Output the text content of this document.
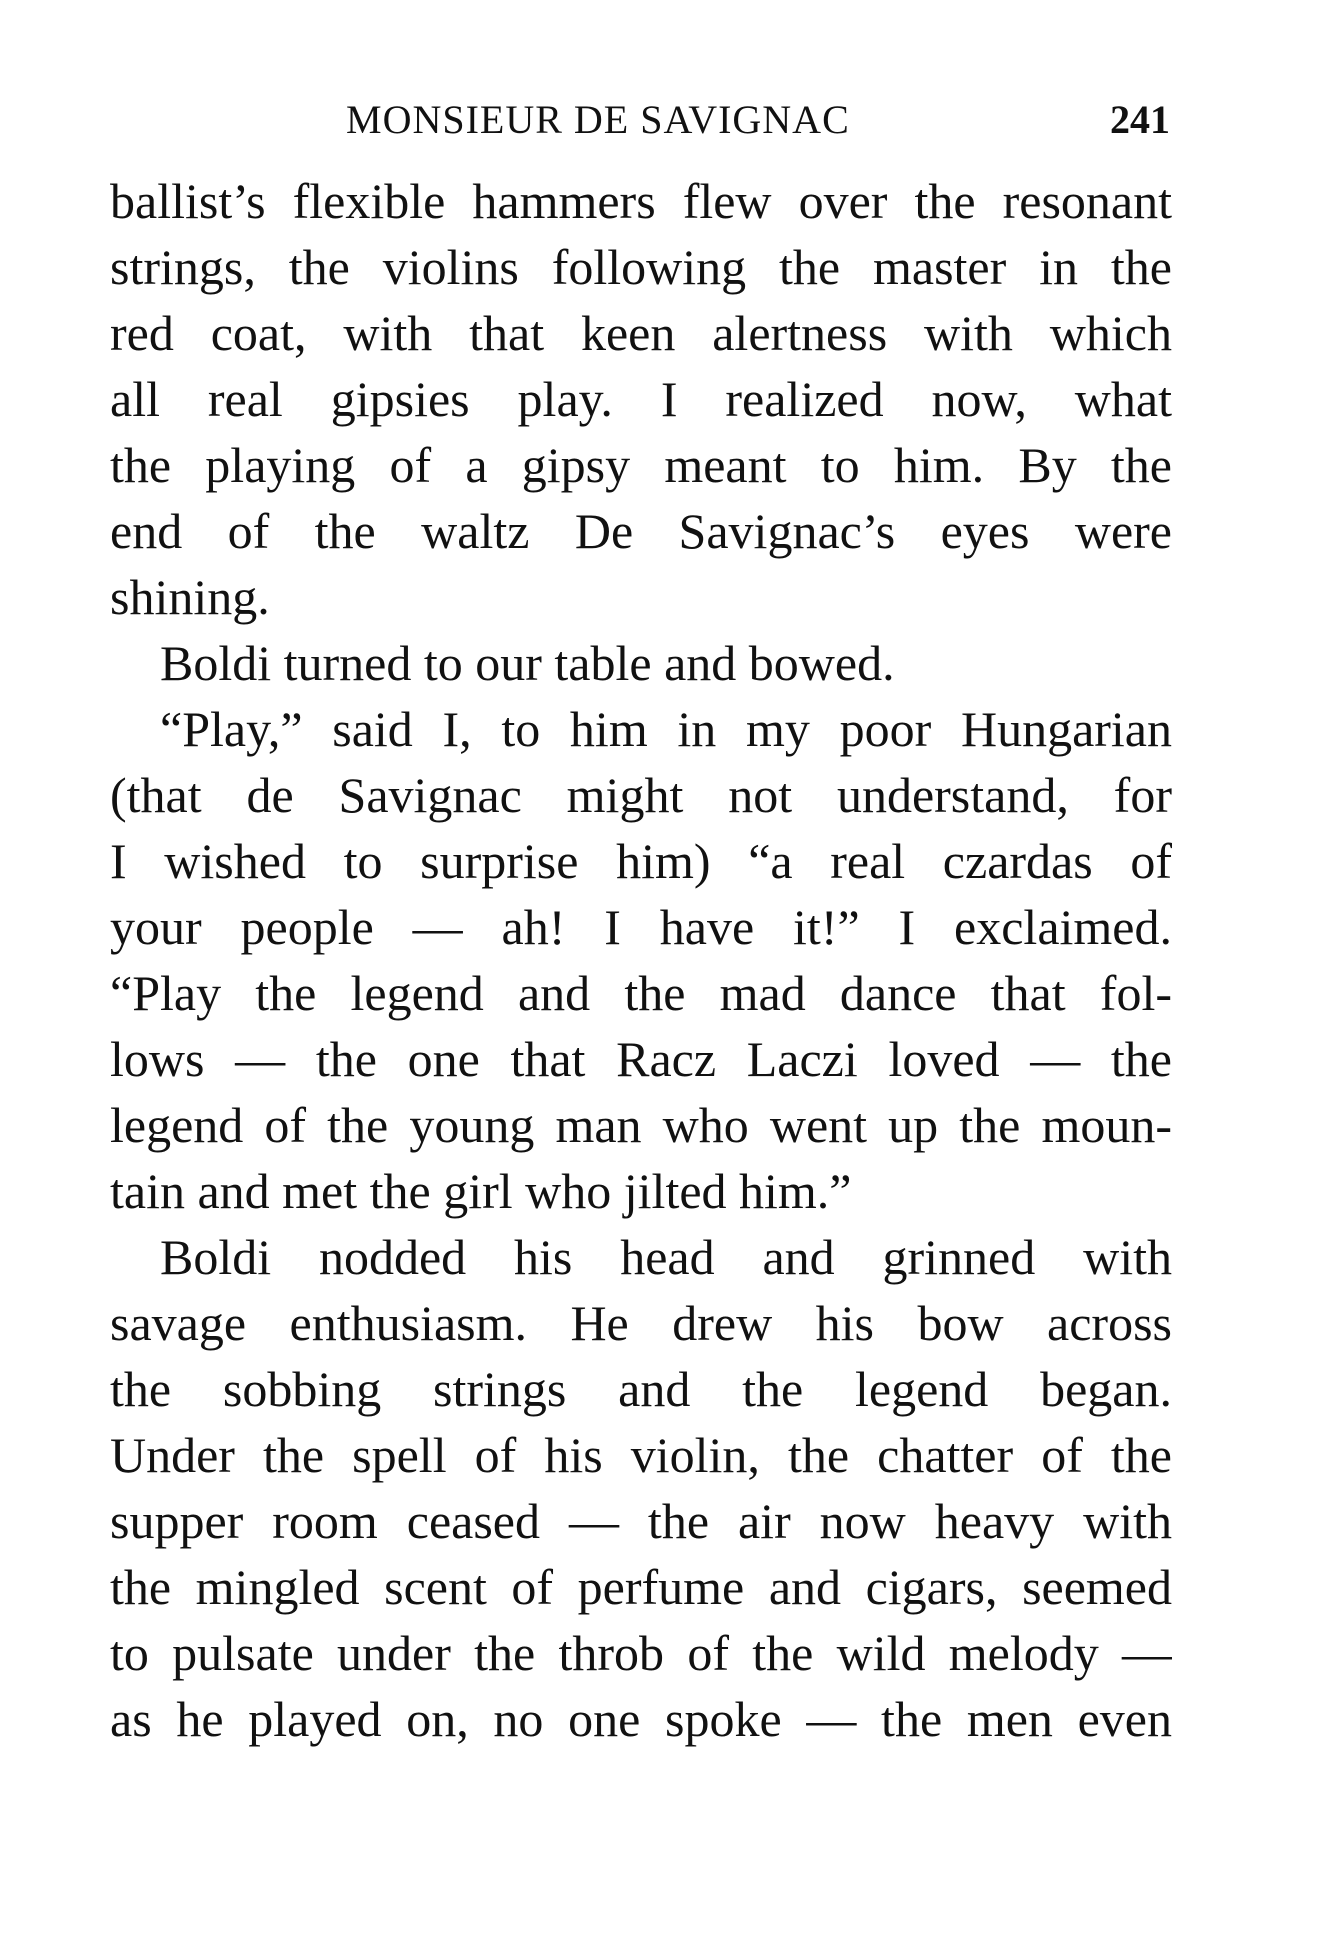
MONSIEUR DE SAVIGNAC	241
ballist’s flexible hammers flew over the resonant
strings, the violins following the master in the
red coat, with that keen alertness with which
all real gipsies play. I realized now, what
the playing of a gipsy meant to him. By the
end of the waltz De Savignac’s eyes were
shining.
Boldi turned to our table and bowed.
“Play,” said I, to him in my poor Hungarian
(that de Savignac might not understand, for
I wished to surprise him) “a real czardas of
your people — ah! I have it!” I exclaimed.
“Play the legend and the mad dance that fol-
lows — the one that Racz Laczi loved — the
legend of the young man who went up the moun-
tain and met the girl who jilted him.”
Boldi nodded his head and grinned with
savage enthusiasm. He drew his bow across
the sobbing strings and the legend began.
Under the spell of his violin, the chatter of the
supper room ceased — the air now heavy with
the mingled scent of perfume and cigars, seemed
to pulsate under the throb of the wild melody —
as he played on, no one spoke — the men even
